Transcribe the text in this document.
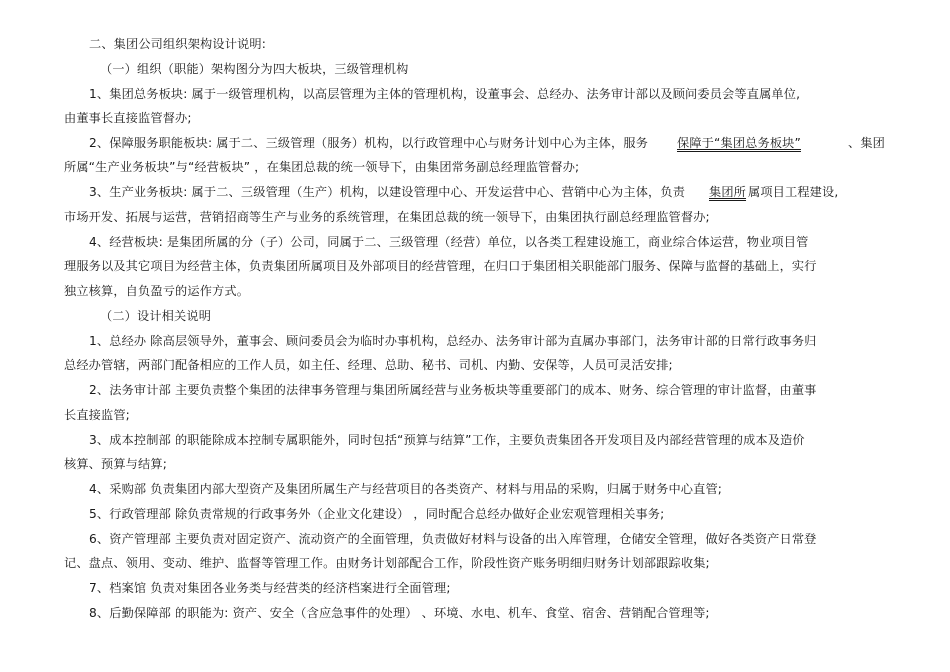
二、集团公司组织架构设计说明:
（一）组织（职能）架构图分为四大板块，三级管理机构
1、集团总务板块: 属于一级管理机构，以高层管理为主体的管理机构，设董事会、总经办、法务审计部以及顾问委员会等直属单位,
由董事长直接监管督办;
2、保障服务职能板块: 属于二、三级管理（服务）机构，以行政管理中心与财务计划中心为主体，服务 保障于“集团总务板块”	、集团
所属“生产业务板块”与“经营板块” ，在集团总裁的统一领导下，由集团常务副总经理监管督办;
3、生产业务板块: 属于二、三级管理（生产）机构，以建设管理中心、开发运营中心、营销中心为主体，负责 集团所 属项目工程建设,
市场开发、拓展与运营，营销招商等生产与业务的系统管理，在集团总裁的统一领导下，由集团执行副总经理监管督办;
4、经营板块: 是集团所属的分（子）公司，同属于二、三级管理（经营）单位，以各类工程建设施工，商业综合体运营，物业项目管
理服务以及其它项目为经营主体，负责集团所属项目及外部项目的经营管理，在归口于集团相关职能部门服务、保障与监督的基础上，实行
独立核算，自负盈亏的运作方式。
（二）设计相关说明
1、总经办 除高层领导外，董事会、顾问委员会为临时办事机构，总经办、法务审计部为直属办事部门，法务审计部的日常行政事务归
总经办管辖，两部门配备相应的工作人员，如主任、经理、总助、秘书、司机、内勤、安保等，人员可灵活安排;
2、法务审计部 主要负责整个集团的法律事务管理与集团所属经营与业务板块等重要部门的成本、财务、综合管理的审计监督，由董事
长直接监管;
3、成本控制部 的职能除成本控制专属职能外，同时包括“预算与结算”工作，主要负责集团各开发项目及内部经营管理的成本及造价
核算、预算与结算;
4、采购部 负责集团内部大型资产及集团所属生产与经营项目的各类资产、材料与用品的采购，归属于财务中心直管;
5、行政管理部 除负责常规的行政事务外（企业文化建设） ，同时配合总经办做好企业宏观管理相关事务;
6、资产管理部 主要负责对固定资产、流动资产的全面管理，负责做好材料与设备的出入库管理，仓储安全管理，做好各类资产日常登
记、盘点、领用、变动、维护、监督等管理工作。由财务计划部配合工作，阶段性资产账务明细归财务计划部跟踪收集;
7、档案馆 负责对集团各业务类与经营类的经济档案进行全面管理;
8、后勤保障部 的职能为: 资产、安全（含应急事件的处理） 、环境、水电、机车、食堂、宿舍、营销配合管理等;
